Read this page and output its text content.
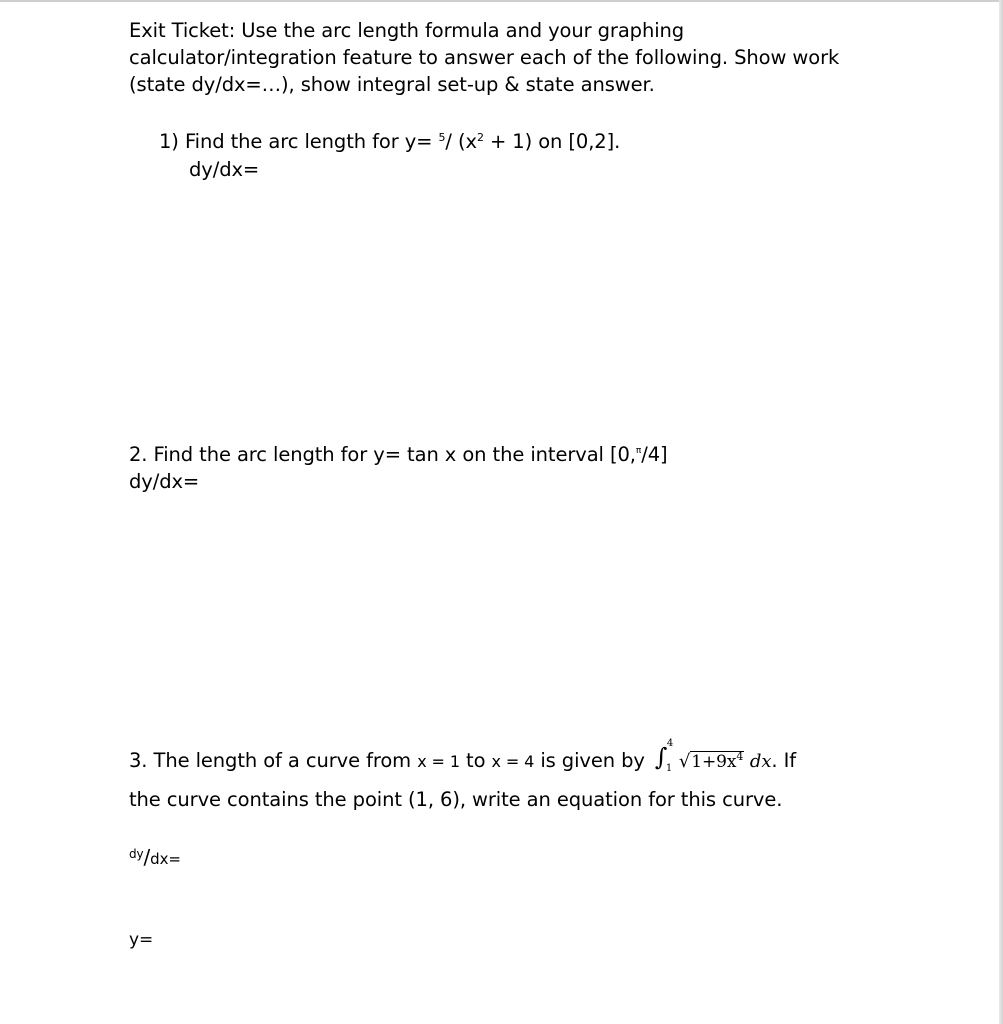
Exit Ticket: Use the arc length formula and your graphing
calculator/integration feature to answer each of the following. Show work
(state dy/dx=…), show integral set-up & state answer.
1) Find the arc length for y= $^5$/ $(x^2 + 1)$ on [0,2].
dy/dx=
2. Find the arc length for y= tan x on the interval [0,$^\pi$/4]
dy/dx=
3. The length of a curve from x = 1 to x = 4 is given by ∫ 4
1 $√1+9x^4$ dx. If
the curve contains the point (1, 6), write an equation for this curve.
$^{dy}$/dx=
y=
